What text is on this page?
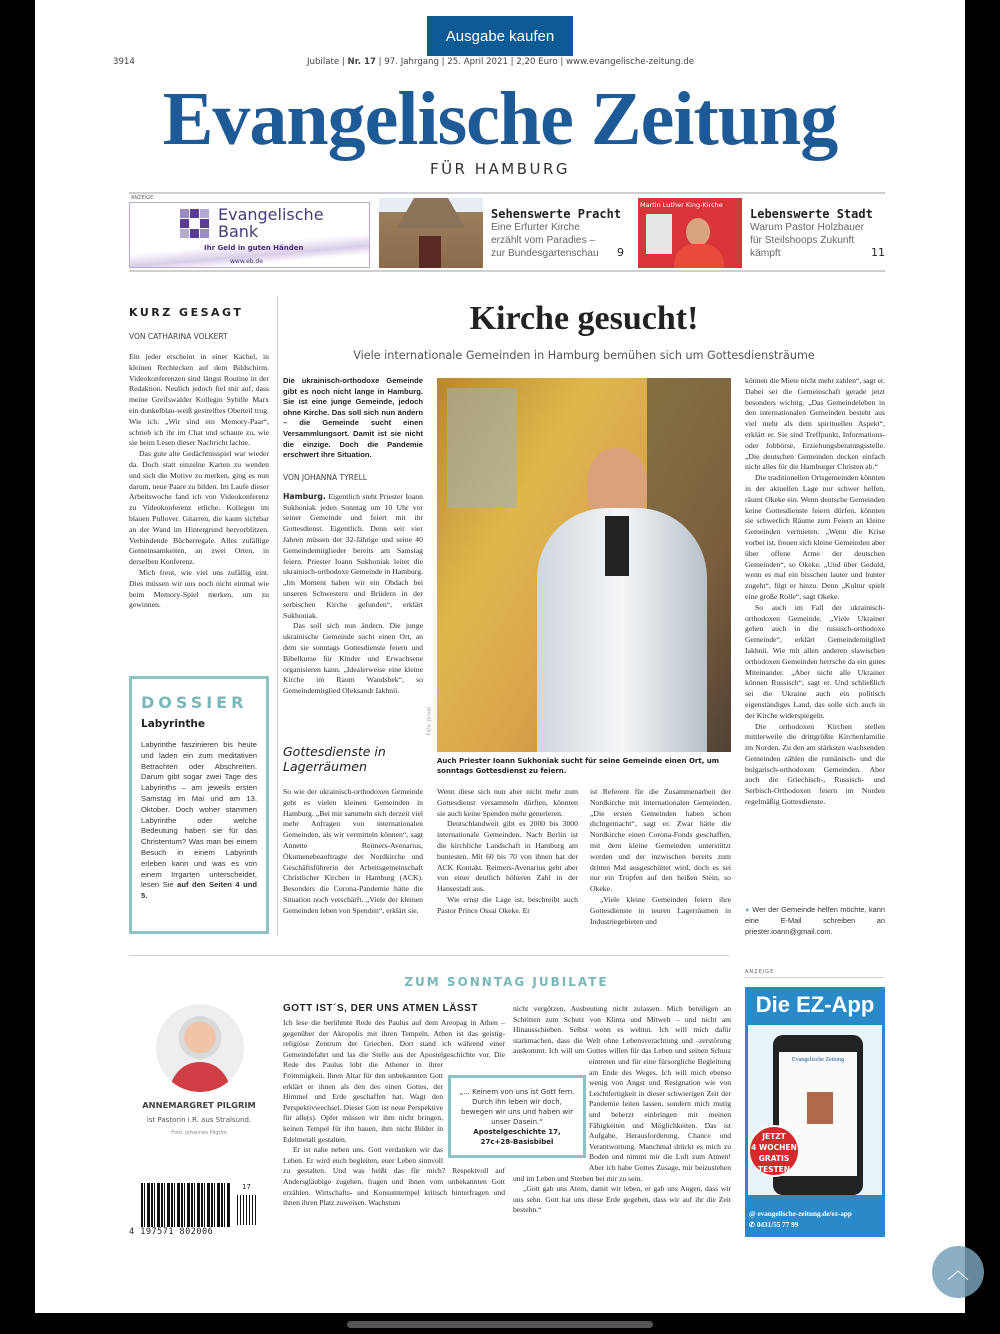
Ausgabe kaufen
3914	Jubilate | Nr. 17 | 97. Jahrgang | 25. April 2021 | 2,20 Euro | www.evangelische-zeitung.de
Evangelische Zeitung
FÜR HAMBURG
ANZEIGE
Evangelische
Bank
Ihr Geld in guten Händen
www.eb.de
Sehenswerte Pracht
Eine Erfurter Kirche erzählt vom Paradies – zur Bundesgartenschau	9
Martin Luther King-Kirche
Lebenswerte Stadt
Warum Pastor Holzbauer für Steilshoops Zukunft kämpft	11
KURZ GESAGT
VON CATHARINA VOLKERT

Ein jeder erscheint in einer Kachel, in kleinen Rechtecken auf dem Bildschirm. Videokonferenzen sind längst Routine in der Redaktion. Neulich jedoch fiel mir auf, dass meine Greifswalder Kollegin Sybille Marx ein dunkelblau-weiß gestreiftes Oberteil trug. Wie ich. „Wir sind ein Memory-Paar“, schrieb ich ihr im Chat und schaute zu, wie sie beim Lesen dieser Nachricht lachte.

Das gute alte Gedächtnisspiel war wieder da. Doch statt einzelne Karten zu wenden und sich die Motive zu merken, ging es nun darum, neue Paare zu bilden. Im Laufe dieser Arbeitswoche fand ich von Videokonferenz zu Videokonferenz etliche. Kollegen im blauen Pullover. Gitarren, die kaum sichtbar an der Wand im Hintergrund hervorblitzen. Verbindende Bücherregale. Alles zufällige Gemeinsamkeiten, an zwei Orten, in derselben Konferenz.

Mich freut, wie viel uns zufällig eint. Dies müssen wir uns noch nicht einmal wie beim Memory-Spiel merken, um zu gewinnen.

DOSSIER
Labyrinthe
Labyrinthe faszinieren bis heute und laden ein zum meditativen Betrachten oder Abschreiten. Darum gibt sogar zwei Tage des Labyrinths – am jeweils ersten Samstag im Mai und am 13. Oktober. Doch woher stammen Labyrinthe oder welche Bedeutung haben sie für das Christentum? Was man bei einem Besuch in einem Labyrinth erleben kann und was es von einem Irrgarten unterscheidet, lesen Sie auf den Seiten 4 und 5.
Kirche gesucht!
Viele internationale Gemeinden in Hamburg bemühen sich um Gottesdiensträume
Die ukrainisch-orthodoxe Gemeinde gibt es noch nicht lange in Hamburg. Sie ist eine junge Gemeinde, jedoch ohne Kirche. Das soll sich nun ändern – die Gemeinde sucht einen Versammlungsort. Damit ist sie nicht die einzige. Doch die Pandemie erschwert ihre Situation.
VON JOHANNA TYRELL

Hamburg. Eigentlich steht Priester Ioann Sukhoniak jeden Sonntag um 10 Uhr vor seiner Gemeinde und feiert mit ihr Gottesdienst. Eigentlich. Denn seit vier Jahren müssen der 32-Jährige und seine 40 Gemeindemitglieder bereits am Samstag feiern. Priester Ioann Sukhoniak leitet die ukrainisch-orthodoxe Gemeinde in Hamburg. „Im Moment haben wir ein Obdach bei unseren Schwestern und Brüdern in der serbischen Kirche gefunden“, erklärt Sukhoniak.

Das soll sich nun ändern. Die junge ukrainische Gemeinde sucht einen Ort, an dem sie sonntags Gottesdienste feiern und Bibelkurse für Kinder und Erwachsene organisieren kann. „Idealerweise eine kleine Kirche im Raum Wandsbek“, so Gemeindemitglied Oleksandr Iakhnii.

Gottesdienste in Lagerräumen

So wie der ukrainisch-orthodoxen Gemeinde geht es vielen kleinen Gemeinden in Hamburg. „Bei mir sammeln sich derzeit viel mehr Anfragen von internationalen Gemeinden, als wir vermitteln können“, sagt Annette Reimers-Avenarius, Ökumenebeauftragte der Nordkirche und Geschäftsführerin der Arbeitsgemeinschaft Christlicher Kirchen in Hamburg (ACK). Besonders die Corona-Pandemie hätte die Situation noch verschärft. „Viele der kleinen Gemeinden leben von Spenden“, erklärt sie.

Foto: privat
Auch Priester Ioann Sukhoniak sucht für seine Gemeinde einen Ort, um sonntags Gottesdienst zu feiern.

Wenn diese sich nun aber nicht mehr zum Gottesdienst versammeln dürften, könnten sie auch keine Spenden mehr generieren.

Deutschlandweit gibt es 2000 bis 3000 internationale Gemeinden. Nach Berlin ist die kirchliche Landschaft in Hamburg am buntesten. Mit 60 bis 70 von ihnen hat der ACK Kontakt. Reimers-Avenarius geht aber von einer deutlich höheren Zahl in der Hansestadt aus.

Wie ernst die Lage ist, beschreibt auch Pastor Prince Ossai Okeke. Er

ist Referent für die Zusammenarbeit der Nordkirche mit internationalen Gemeinden. „Die ersten Gemeinden haben schon dichtgemacht“, sagt er. Zwar hätte die Nordkirche einen Corona-Fonds geschaffen, mit dem kleine Gemeinden unterstützt werden und der inzwischen bereits zum dritten Mal ausgeschüttet wird, doch es sei nur ein Tropfen auf den heißen Stein, so Okeke.

„Viele kleine Gemeinden feiern ihre Gottesdienste in teuren Lagerräumen in Industriegebieten und

können die Miete nicht mehr zahlen“, sagt er. Dabei sei die Gemeinschaft gerade jetzt besonders wichtig. „Das Gemeindeleben in den internationalen Gemeinden besteht aus viel mehr als dem spirituellen Aspekt“, erklärt er. Sie sind Treffpunkt, Informations- oder Jobbörse, Erziehungsberatungsstelle. „Die deutschen Gemeinden decken einfach nicht alles für die Hamburger Christen ab.“

Die traditionellen Ortsgemeinden könnten in der aktuellen Lage nur schwer helfen, räumt Okeke ein. Wenn deutsche Gemeinden keine Gottesdienste feiern dürfen, könnten sie schwerlich Räume zum Feiern an kleine Gemeinden vermieten. „Wenn die Krise vorbei ist, freuen sich kleine Gemeinden aber über offene Arme der deutschen Gemeinden“, so Okeke. „Und über Geduld, wenn es mal ein bisschen lauter und bunter zugeht“, fügt er hinzu. Denn „Kultur spielt eine große Rolle“, sagt Okeke.

So auch im Fall der ukrainisch-orthodoxen Gemeinde. „Viele Ukrainer gehen auch in die russisch-orthodoxe Gemeinde“, erklärt Gemeindemitglied Iakhnii. Wie mit allen anderen slawischen orthodoxen Gemeinden herrsche da ein gutes Miteinander. „Aber nicht alle Ukrainer können Russisch“, sagt er. Und schließlich sei die Ukraine auch ein politisch eigenständiges Land, das solle sich auch in der Kirche widerspiegeln.

Die orthodoxen Kirchen stellen mittlerweile die drittgrößte Kirchenfamilie im Norden. Zu den am stärksten wachsenden Gemeinden zählen die rumänisch- und die bulgarisch-orthodoxen Gemeinden. Aber auch die Griechisch-, Russisch- und Serbisch-Orthodoxen feiern im Norden regelmäßig Gottesdienste.

● Wer der Gemeinde helfen möchte, kann eine E-Mail schreiben an priester.ioann@gmail.com.
ZUM SONNTAG JUBILATE
ANNEMARGRET PILGRIM
ist Pastorin i.R. aus Stralsund.
Foto: Johannes Pilgrim
17
4 197571 802006
GOTT IST´S, DER UNS ATMEN LÄSST

Ich lese die berühmte Rede des Paulus auf dem Areopag in Athen – gegenüber der Akropolis mit ihren Tempeln. Athen ist das geistig-religiöse Zentrum der Griechen. Dort stand ich während einer Gemeindefahrt und las die Stelle aus der Apostelgeschichte vor. Die Rede des Paulus lobt die Athener in ihrer Frömmigkeit. Ihren Altar für den unbekannten Gott erklärt er ihnen als den des einen Gottes, der Himmel und Erde geschaffen hat. Wagt den Perspektivwechsel. Dieser Gott ist neue Perspektive für alle(s). Opfer müssen wir ihm nicht bringen, keinen Tempel für ihn bauen, ihm nicht Bilder in Edelmetall gestalten.

Er ist nahe neben uns. Gott verdanken wir das Leben. Er wird euch begleiten, euer Leben sinnvoll zu gestalten. Und was heißt das für mich? Respektvoll auf Andersgläubige zugehen, fragen und ihnen vom unbekannten Gott erzählen. Wirtschafts- und Konsumtempel kritisch hinterfragen und ihnen ihren Platz zuweisen. Wachstum

nicht vergötzen, Ausbeutung nicht zulassen. Mich beteiligen an Schritten zum Schutz von Klima und Mitwelt – und nicht am Hinausschieben. Selbst wenn es wehtut. Ich will mich dafür starkmachen, dass die Welt ohne Lebensverachtung und -zerstörung auskommt. Ich will um Gottes willen für das Leben und seinen Schutz eintreten und für eine fürsorgliche Begleitung am Ende des Weges. Ich will mich ebenso wenig von Angst und Resignation wie von Leichtfertigkeit in dieser schwierigen Zeit der Pandemie leiten lassen, sondern mich mutig und beherzt einbringen mit meinen Fähigkeiten und Möglichkeiten. Das ist Aufgabe, Herausforderung, Chance und Verantwortung. Manchmal drückt es mich zu Boden und nimmt mir die Luft zum Atmen! Aber ich habe Gottes Zusage, mir beizustehen und im Leben und Sterben bei mir zu sein.

„Gott gab uns Atem, damit wir leben, er gab uns Augen, dass wir uns sehn. Gott hat uns diese Erde gegeben, dass wir auf ihr die Zeit bestehn.“

„... Keinem von uns ist Gott fern. Durch ihn leben wir doch, bewegen wir uns und haben wir unser Dasein.“
Apostelgeschichte 17, 27c+28-Basisbibel
ANZEIGE
Die EZ-App
Evangelische Zeitung
JETZT
4 WOCHEN
GRATIS
TESTEN
@ evangelische-zeitung.de/ez-app
✆ 0431/55 77 99
︿
